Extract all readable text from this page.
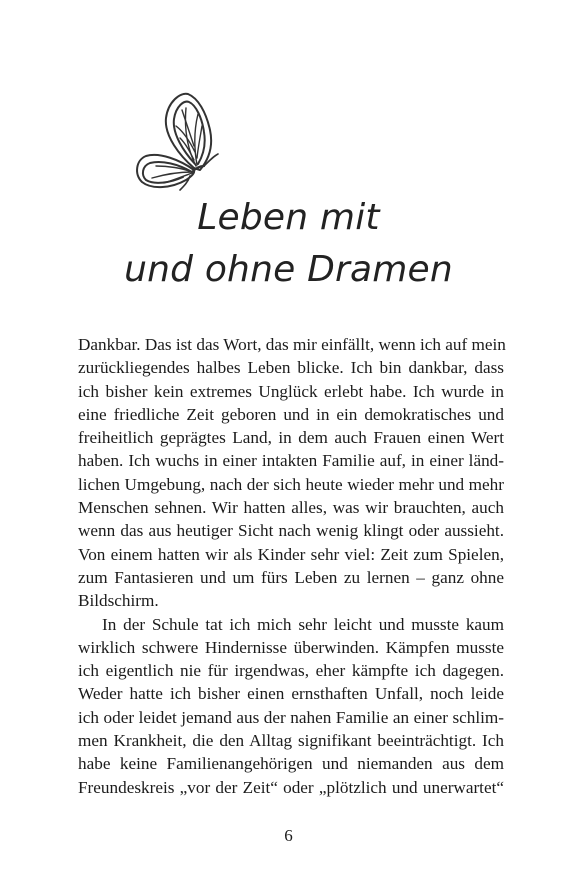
Leben mit
und ohne Dramen
Dankbar. Das ist das Wort, das mir einfällt, wenn ich auf mein
zurückliegendes halbes Leben blicke. Ich bin dankbar, dass
ich bisher kein extremes Unglück erlebt habe. Ich wurde in
eine friedliche Zeit geboren und in ein demokratisches und
freiheitlich geprägtes Land, in dem auch Frauen einen Wert
haben. Ich wuchs in einer intakten Familie auf, in einer länd-
lichen Umgebung, nach der sich heute wieder mehr und mehr
Menschen sehnen. Wir hatten alles, was wir brauchten, auch
wenn das aus heutiger Sicht nach wenig klingt oder aussieht.
Von einem hatten wir als Kinder sehr viel: Zeit zum Spielen,
zum Fantasieren und um fürs Leben zu lernen – ganz ohne
Bildschirm.
In der Schule tat ich mich sehr leicht und musste kaum
wirklich schwere Hindernisse überwinden. Kämpfen musste
ich eigentlich nie für irgendwas, eher kämpfte ich dagegen.
Weder hatte ich bisher einen ernsthaften Unfall, noch leide
ich oder leidet jemand aus der nahen Familie an einer schlim-
men Krankheit, die den Alltag signifikant beeinträchtigt. Ich
habe keine Familienangehörigen und niemanden aus dem
Freundeskreis „vor der Zeit“ oder „plötzlich und unerwartet“
6
